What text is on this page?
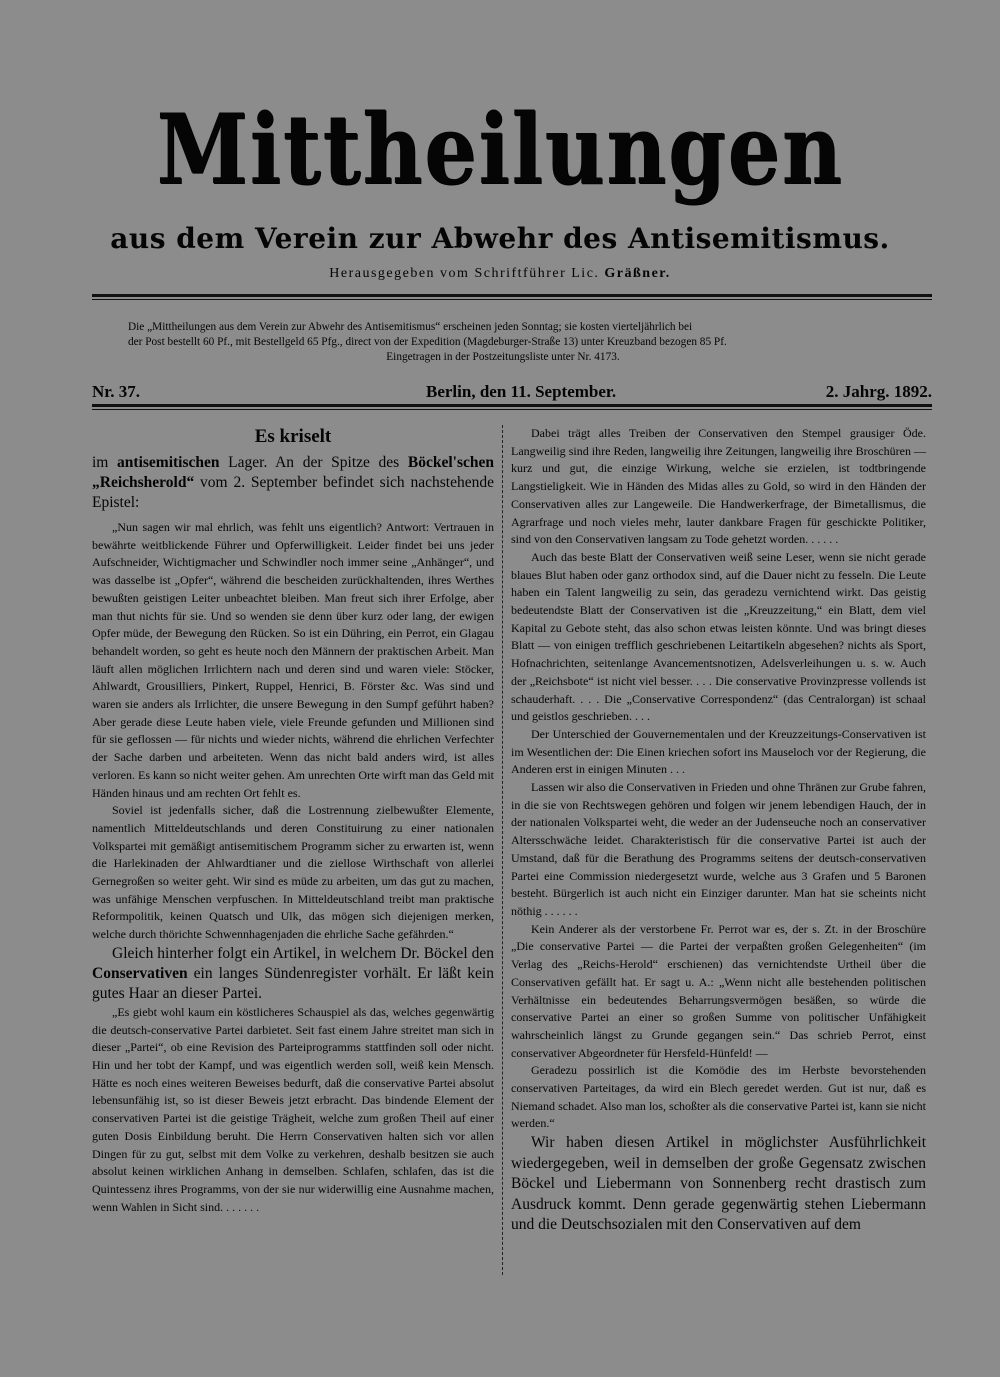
Mittheilungen
aus dem Verein zur Abwehr des Antisemitismus.
Herausgegeben vom Schriftführer Lic. Gräßner.
Die „Mittheilungen aus dem Verein zur Abwehr des Antisemitismus“ erscheinen jeden Sonntag; sie kosten vierteljährlich bei
der Post bestellt 60 Pf., mit Bestellgeld 65 Pfg., direct von der Expedition (Magdeburger-Straße 13) unter Kreuzband bezogen 85 Pf.
Eingetragen in der Postzeitungsliste unter Nr. 4173.
Nr. 37.	Berlin, den 11. September.	2. Jahrg. 1892.
Es kriselt

im antisemitischen Lager. An der Spitze des Böckel'schen „Reichsherold“ vom 2. September befindet sich nachstehende Epistel:

„Nun sagen wir mal ehrlich, was fehlt uns eigentlich? Antwort: Vertrauen in bewährte weitblickende Führer und Opferwilligkeit. Leider findet bei uns jeder Aufschneider, Wichtigmacher und Schwindler noch immer seine „Anhänger“, und was dasselbe ist „Opfer“, während die bescheiden zurückhaltenden, ihres Werthes bewußten geistigen Leiter unbeachtet bleiben. Man freut sich ihrer Erfolge, aber man thut nichts für sie. Und so wenden sie denn über kurz oder lang, der ewigen Opfer müde, der Bewegung den Rücken. So ist ein Dühring, ein Perrot, ein Glagau behandelt worden, so geht es heute noch den Männern der praktischen Arbeit. Man läuft allen möglichen Irrlichtern nach und deren sind und waren viele: Stöcker, Ahlwardt, Grousilliers, Pinkert, Ruppel, Henrici, B. Förster &c. Was sind und waren sie anders als Irrlichter, die unsere Bewegung in den Sumpf geführt haben? Aber gerade diese Leute haben viele, viele Freunde gefunden und Millionen sind für sie geflossen — für nichts und wieder nichts, während die ehrlichen Verfechter der Sache darben und arbeiteten. Wenn das nicht bald anders wird, ist alles verloren. Es kann so nicht weiter gehen. Am unrechten Orte wirft man das Geld mit Händen hinaus und am rechten Ort fehlt es.

Soviel ist jedenfalls sicher, daß die Lostrennung zielbewußter Elemente, namentlich Mitteldeutschlands und deren Constituirung zu einer nationalen Volkspartei mit gemäßigt antisemitischem Programm sicher zu erwarten ist, wenn die Harlekinaden der Ahlwardtianer und die ziellose Wirthschaft von allerlei Gernegroßen so weiter geht. Wir sind es müde zu arbeiten, um das gut zu machen, was unfähige Menschen verpfuschen. In Mitteldeutschland treibt man praktische Reformpolitik, keinen Quatsch und Ulk, das mögen sich diejenigen merken, welche durch thörichte Schwennhagenjaden die ehrliche Sache gefährden.“

Gleich hinterher folgt ein Artikel, in welchem Dr. Böckel den Conservativen ein langes Sündenregister vorhält. Er läßt kein gutes Haar an dieser Partei.

„Es giebt wohl kaum ein köstlicheres Schauspiel als das, welches gegenwärtig die deutsch-conservative Partei darbietet. Seit fast einem Jahre streitet man sich in dieser „Partei“, ob eine Revision des Parteiprogramms stattfinden soll oder nicht. Hin und her tobt der Kampf, und was eigentlich werden soll, weiß kein Mensch. Hätte es noch eines weiteren Beweises bedurft, daß die conservative Partei absolut lebensunfähig ist, so ist dieser Beweis jetzt erbracht. Das bindende Element der conservativen Partei ist die geistige Trägheit, welche zum großen Theil auf einer guten Dosis Einbildung beruht. Die Herrn Conservativen halten sich vor allen Dingen für zu gut, selbst mit dem Volke zu verkehren, deshalb besitzen sie auch absolut keinen wirklichen Anhang in demselben. Schlafen, schlafen, das ist die Quintessenz ihres Programms, von der sie nur widerwillig eine Ausnahme machen, wenn Wahlen in Sicht sind. . . . . . .

Dabei trägt alles Treiben der Conservativen den Stempel grausiger Öde. Langweilig sind ihre Reden, langweilig ihre Zeitungen, langweilig ihre Broschüren — kurz und gut, die einzige Wirkung, welche sie erzielen, ist todtbringende Langstieligkeit. Wie in Händen des Midas alles zu Gold, so wird in den Händen der Conservativen alles zur Langeweile. Die Handwerkerfrage, der Bimetallismus, die Agrarfrage und noch vieles mehr, lauter dankbare Fragen für geschickte Politiker, sind von den Conservativen langsam zu Tode gehetzt worden. . . . . .

Auch das beste Blatt der Conservativen weiß seine Leser, wenn sie nicht gerade blaues Blut haben oder ganz orthodox sind, auf die Dauer nicht zu fesseln. Die Leute haben ein Talent langweilig zu sein, das geradezu vernichtend wirkt. Das geistig bedeutendste Blatt der Conservativen ist die „Kreuzzeitung,“ ein Blatt, dem viel Kapital zu Gebote steht, das also schon etwas leisten könnte. Und was bringt dieses Blatt — von einigen trefflich geschriebenen Leitartikeln abgesehen? nichts als Sport, Hofnachrichten, seitenlange Avancementsnotizen, Adelsverleihungen u. s. w. Auch der „Reichsbote“ ist nicht viel besser. . . . Die conservative Provinzpresse vollends ist schauderhaft. . . . Die „Conservative Correspondenz“ (das Centralorgan) ist schaal und geistlos geschrieben. . . .

Der Unterschied der Gouvernementalen und der Kreuzzeitungs-Conservativen ist im Wesentlichen der: Die Einen kriechen sofort ins Mauseloch vor der Regierung, die Anderen erst in einigen Minuten . . .

Lassen wir also die Conservativen in Frieden und ohne Thränen zur Grube fahren, in die sie von Rechtswegen gehören und folgen wir jenem lebendigen Hauch, der in der nationalen Volkspartei weht, die weder an der Judenseuche noch an conservativer Altersschwäche leidet. Charakteristisch für die conservative Partei ist auch der Umstand, daß für die Berathung des Programms seitens der deutsch-conservativen Partei eine Commission niedergesetzt wurde, welche aus 3 Grafen und 5 Baronen besteht. Bürgerlich ist auch nicht ein Einziger darunter. Man hat sie scheints nicht nöthig . . . . . .

Kein Anderer als der verstorbene Fr. Perrot war es, der s. Zt. in der Broschüre „Die conservative Partei — die Partei der verpaßten großen Gelegenheiten“ (im Verlag des „Reichs-Herold“ erschienen) das vernichtendste Urtheil über die Conservativen gefällt hat. Er sagt u. A.: „Wenn nicht alle bestehenden politischen Verhältnisse ein bedeutendes Beharrungsvermögen besäßen, so würde die conservative Partei an einer so großen Summe von politischer Unfähigkeit wahrscheinlich längst zu Grunde gegangen sein.“ Das schrieb Perrot, einst conservativer Abgeordneter für Hersfeld-Hünfeld! —

Geradezu possirlich ist die Komödie des im Herbste bevorstehenden conservativen Parteitages, da wird ein Blech geredet werden. Gut ist nur, daß es Niemand schadet. Also man los, schoßter als die conservative Partei ist, kann sie nicht werden.“

Wir haben diesen Artikel in möglichster Ausführlichkeit wiedergegeben, weil in demselben der große Gegensatz zwischen Böckel und Liebermann von Sonnenberg recht drastisch zum Ausdruck kommt. Denn gerade gegenwärtig stehen Liebermann und die Deutschsozialen mit den Conservativen auf dem
